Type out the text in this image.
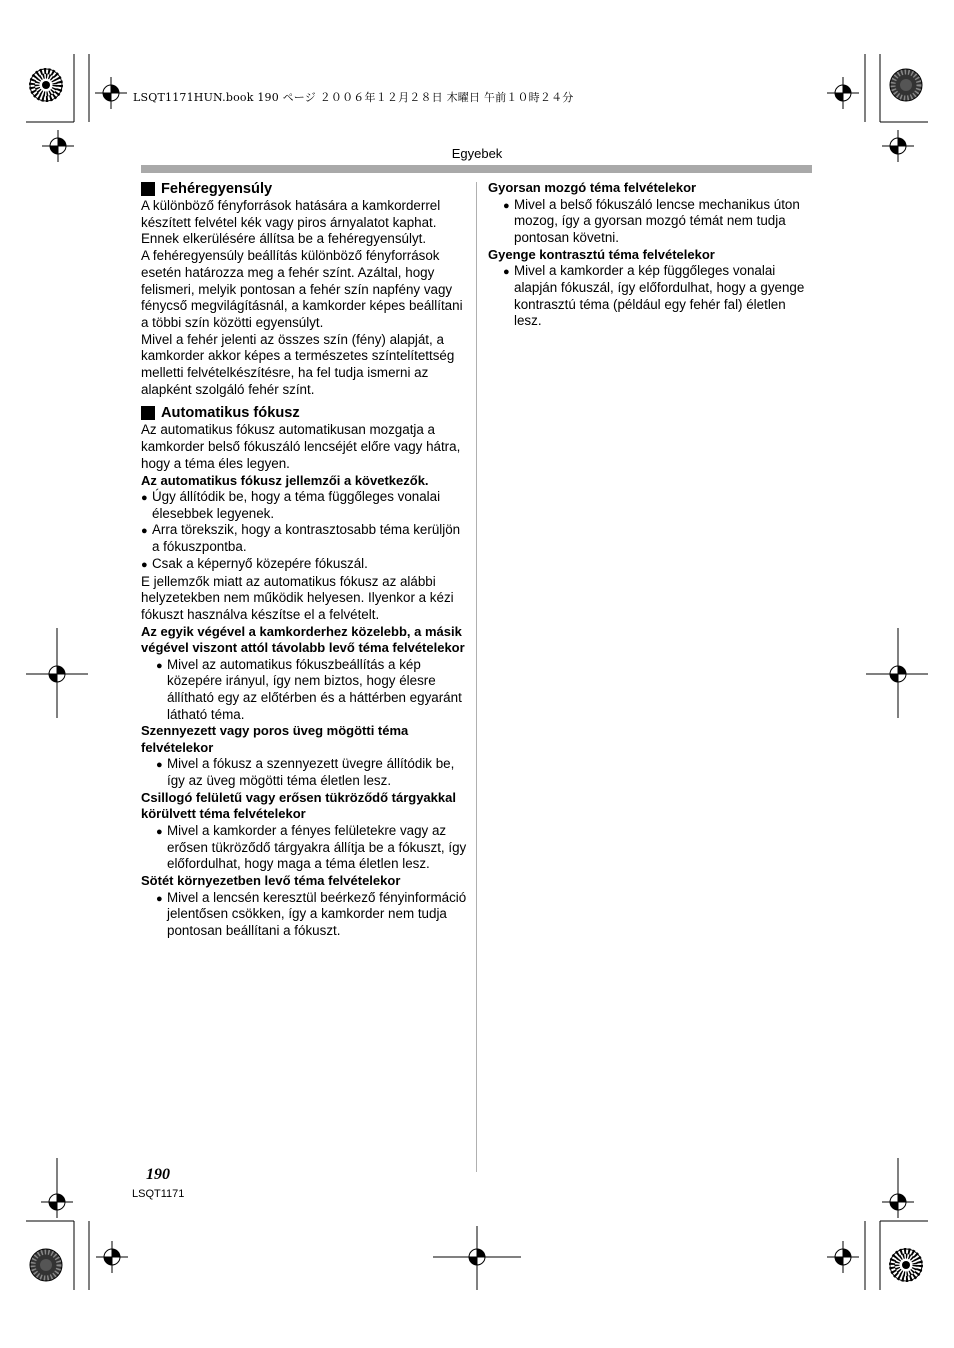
LSQT1171HUN.book 190 ページ ２００６年１２月２８日 木曜日 午前１０時２４分
Egyebek
Fehéregyensúly

A különböző fényforrások hatására a kamkorderrel készített felvétel kék vagy piros árnyalatot kaphat. Ennek elkerülésére állítsa be a fehéregyensúlyt.

A fehéregyensúly beállítás különböző fényforrások esetén határozza meg a fehér színt. Azáltal, hogy felismeri, melyik pontosan a fehér szín napfény vagy fénycső megvilágításnál, a kamkorder képes beállítani a többi szín közötti egyensúlyt.

Mivel a fehér jelenti az összes szín (fény) alapját, a kamkorder akkor képes a természetes színtelítettség melletti felvételkészítésre, ha fel tudja ismerni az alapként szolgáló fehér színt.

Automatikus fókusz

Az automatikus fókusz automatikusan mozgatja a kamkorder belső fókuszáló lencséjét előre vagy hátra, hogy a téma éles legyen.

Az automatikus fókusz jellemzői a következők.

● Úgy állítódik be, hogy a téma függőleges vonalai élesebbek legyenek.
● Arra törekszik, hogy a kontrasztosabb téma kerüljön a fókuszpontba.
● Csak a képernyő közepére fókuszál.

E jellemzők miatt az automatikus fókusz az alábbi helyzetekben nem működik helyesen. Ilyenkor a kézi fókuszt használva készítse el a felvételt.

Az egyik végével a kamkorderhez közelebb, a másik végével viszont attól távolabb levő téma felvételekor

● Mivel az automatikus fókuszbeállítás a kép közepére irányul, így nem biztos, hogy élesre állítható egy az előtérben és a háttérben egyaránt látható téma.

Szennyezett vagy poros üveg mögötti téma felvételekor

● Mivel a fókusz a szennyezett üvegre állítódik be, így az üveg mögötti téma életlen lesz.

Csillogó felületű vagy erősen tükröződő tárgyakkal körülvett téma felvételekor

● Mivel a kamkorder a fényes felületekre vagy az erősen tükröződő tárgyakra állítja be a fókuszt, így előfordulhat, hogy maga a téma életlen lesz.

Sötét környezetben levő téma felvételekor

● Mivel a lencsén keresztül beérkező fényinformáció jelentősen csökken, így a kamkorder nem tudja pontosan beállítani a fókuszt.

Gyorsan mozgó téma felvételekor

● Mivel a belső fókuszáló lencse mechanikus úton mozog, így a gyorsan mozgó témát nem tudja pontosan követni.

Gyenge kontrasztú téma felvételekor

● Mivel a kamkorder a kép függőleges vonalai alapján fókuszál, így előfordulhat, hogy a gyenge kontrasztú téma (például egy fehér fal) életlen lesz.
190
LSQT1171
